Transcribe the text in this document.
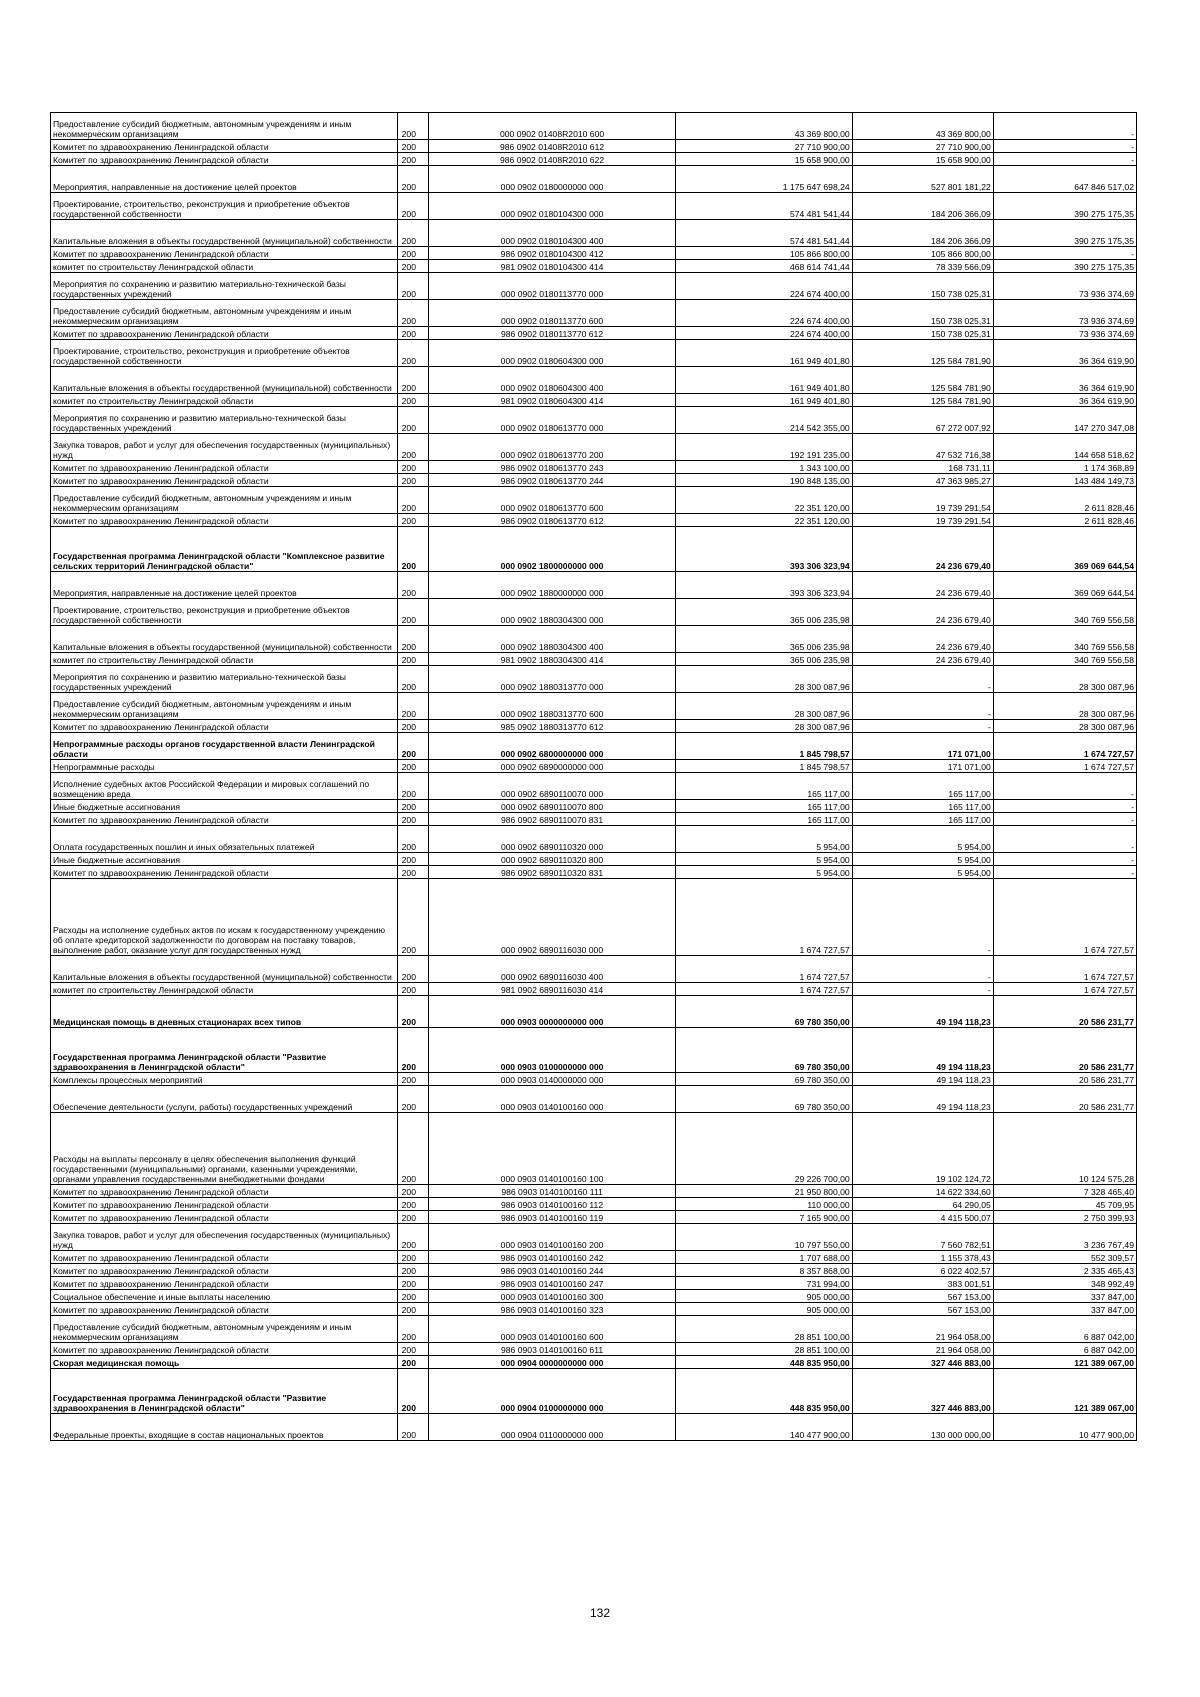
Предоставление субсидий бюджетным, автономным учреждениям и иным некоммерческим организациям	200	000 0902 01408R2010 600	43 369 800,00	43 369 800,00	-
Комитет по здравоохранению Ленинградской области	200	986 0902 01408R2010 612	27 710 900,00	27 710 900,00	-
Комитет по здравоохранению Ленинградской области	200	986 0902 01408R2010 622	15 658 900,00	15 658 900,00	-
Мероприятия, направленные на достижение целей проектов	200	000 0902 0180000000 000	1 175 647 698,24	527 801 181,22	647 846 517,02
Проектирование, строительство, реконструкция и приобретение объектов государственной собственности	200	000 0902 0180104300 000	574 481 541,44	184 206 366,09	390 275 175,35
Капитальные вложения в объекты государственной (муниципальной) собственности	200	000 0902 0180104300 400	574 481 541,44	184 206 366,09	390 275 175,35
Комитет по здравоохранению Ленинградской области	200	986 0902 0180104300 412	105 866 800,00	105 866 800,00	-
комитет по строительству Ленинградской области	200	981 0902 0180104300 414	468 614 741,44	78 339 566,09	390 275 175,35
Мероприятия по сохранению и развитию материально-технической базы государственных учреждений	200	000 0902 0180113770 000	224 674 400,00	150 738 025,31	73 936 374,69
Предоставление субсидий бюджетным, автономным учреждениям и иным некоммерческим организациям	200	000 0902 0180113770 600	224 674 400,00	150 738 025,31	73 936 374,69
Комитет по здравоохранению Ленинградской области	200	986 0902 0180113770 612	224 674 400,00	150 738 025,31	73 936 374,69
Проектирование, строительство, реконструкция и приобретение объектов государственной собственности	200	000 0902 0180604300 000	161 949 401,80	125 584 781,90	36 364 619,90
Капитальные вложения в объекты государственной (муниципальной) собственности	200	000 0902 0180604300 400	161 949 401,80	125 584 781,90	36 364 619,90
комитет по строительству Ленинградской области	200	981 0902 0180604300 414	161 949 401,80	125 584 781,90	36 364 619,90
Мероприятия по сохранению и развитию материально-технической базы государственных учреждений	200	000 0902 0180613770 000	214 542 355,00	67 272 007,92	147 270 347,08
Закупка товаров, работ и услуг для обеспечения государственных (муниципальных) нужд	200	000 0902 0180613770 200	192 191 235,00	47 532 716,38	144 658 518,62
Комитет по здравоохранению Ленинградской области	200	986 0902 0180613770 243	1 343 100,00	168 731,11	1 174 368,89
Комитет по здравоохранению Ленинградской области	200	986 0902 0180613770 244	190 848 135,00	47 363 985,27	143 484 149,73
Предоставление субсидий бюджетным, автономным учреждениям и иным некоммерческим организациям	200	000 0902 0180613770 600	22 351 120,00	19 739 291,54	2 611 828,46
Комитет по здравоохранению Ленинградской области	200	986 0902 0180613770 612	22 351 120,00	19 739 291,54	2 611 828,46
Государственная программа Ленинградской области "Комплексное развитие сельских территорий Ленинградской области"	200	000 0902 1800000000 000	393 306 323,94	24 236 679,40	369 069 644,54
Мероприятия, направленные на достижение целей проектов	200	000 0902 1880000000 000	393 306 323,94	24 236 679,40	369 069 644,54
Проектирование, строительство, реконструкция и приобретение объектов государственной собственности	200	000 0902 1880304300 000	365 006 235,98	24 236 679,40	340 769 556,58
Капитальные вложения в объекты государственной (муниципальной) собственности	200	000 0902 1880304300 400	365 006 235,98	24 236 679,40	340 769 556,58
комитет по строительству Ленинградской области	200	981 0902 1880304300 414	365 006 235,98	24 236 679,40	340 769 556,58
Мероприятия по сохранению и развитию материально-технической базы государственных учреждений	200	000 0902 1880313770 000	28 300 087,96	-	28 300 087,96
Предоставление субсидий бюджетным, автономным учреждениям и иным некоммерческим организациям	200	000 0902 1880313770 600	28 300 087,96	-	28 300 087,96
Комитет по здравоохранению Ленинградской области	200	985 0902 1880313770 612	28 300 087,96	-	28 300 087,96
Непрограммные расходы органов государственной власти Ленинградской области	200	000 0902 6800000000 000	1 845 798,57	171 071,00	1 674 727,57
Непрограммные расходы	200	000 0902 6890000000 000	1 845 798,57	171 071,00	1 674 727,57
Исполнение судебных актов Российской Федерации и мировых соглашений по возмещению вреда	200	000 0902 6890110070 000	165 117,00	165 117,00	-
Иные бюджетные ассигнования	200	000 0902 6890110070 800	165 117,00	165 117,00	-
Комитет по здравоохранению Ленинградской области	200	986 0902 6890110070 831	165 117,00	165 117,00	-
Оплата государственных пошлин и иных обязательных платежей	200	000 0902 6890110320 000	5 954,00	5 954,00	-
Иные бюджетные ассигнования	200	000 0902 6890110320 800	5 954,00	5 954,00	-
Комитет по здравоохранению Ленинградской области	200	986 0902 6890110320 831	5 954,00	5 954,00	-
Расходы на исполнение судебных актов по искам к государственному учреждению об оплате кредиторской задолженности по договорам на поставку товаров, выполнение работ, оказание услуг для государственных нужд	200	000 0902 6890116030 000	1 674 727,57	-	1 674 727,57
Капитальные вложения в объекты государственной (муниципальной) собственности	200	000 0902 6890116030 400	1 674 727,57	-	1 674 727,57
комитет по строительству Ленинградской области	200	981 0902 6890116030 414	1 674 727,57	-	1 674 727,57
Медицинская помощь в дневных стационарах всех типов	200	000 0903 0000000000 000	69 780 350,00	49 194 118,23	20 586 231,77
Государственная программа Ленинградской области "Развитие здравоохранения в Ленинградской области"	200	000 0903 0100000000 000	69 780 350,00	49 194 118,23	20 586 231,77
Комплексы процессных мероприятий	200	000 0903 0140000000 000	69 780 350,00	49 194 118,23	20 586 231,77
Обеспечение деятельности (услуги, работы) государственных учреждений	200	000 0903 0140100160 000	69 780 350,00	49 194 118,23	20 586 231,77
Расходы на выплаты персоналу в целях обеспечения выполнения функций государственными (муниципальными) органами, казенными учреждениями, органами управления государственными внебюджетными фондами	200	000 0903 0140100160 100	29 226 700,00	19 102 124,72	10 124 575,28
Комитет по здравоохранению Ленинградской области	200	986 0903 0140100160 111	21 950 800,00	14 622 334,60	7 328 465,40
Комитет по здравоохранению Ленинградской области	200	986 0903 0140100160 112	110 000,00	64 290,05	45 709,95
Комитет по здравоохранению Ленинградской области	200	986 0903 0140100160 119	7 165 900,00	4 415 500,07	2 750 399,93
Закупка товаров, работ и услуг для обеспечения государственных (муниципальных) нужд	200	000 0903 0140100160 200	10 797 550,00	7 560 782,51	3 236 767,49
Комитет по здравоохранению Ленинградской области	200	986 0903 0140100160 242	1 707 688,00	1 155 378,43	552 309,57
Комитет по здравоохранению Ленинградской области	200	986 0903 0140100160 244	8 357 868,00	6 022 402,57	2 335 465,43
Комитет по здравоохранению Ленинградской области	200	986 0903 0140100160 247	731 994,00	383 001,51	348 992,49
Социальное обеспечение и иные выплаты населению	200	000 0903 0140100160 300	905 000,00	567 153,00	337 847,00
Комитет по здравоохранению Ленинградской области	200	986 0903 0140100160 323	905 000,00	567 153,00	337 847,00
Предоставление субсидий бюджетным, автономным учреждениям и иным некоммерческим организациям	200	000 0903 0140100160 600	28 851 100,00	21 964 058,00	6 887 042,00
Комитет по здравоохранению Ленинградской области	200	986 0903 0140100160 611	28 851 100,00	21 964 058,00	6 887 042,00
Скорая медицинская помощь	200	000 0904 0000000000 000	448 835 950,00	327 446 883,00	121 389 067,00
Государственная программа Ленинградской области "Развитие здравоохранения в Ленинградской области"	200	000 0904 0100000000 000	448 835 950,00	327 446 883,00	121 389 067,00
Федеральные проекты, входящие в состав национальных проектов	200	000 0904 0110000000 000	140 477 900,00	130 000 000,00	10 477 900,00
132
